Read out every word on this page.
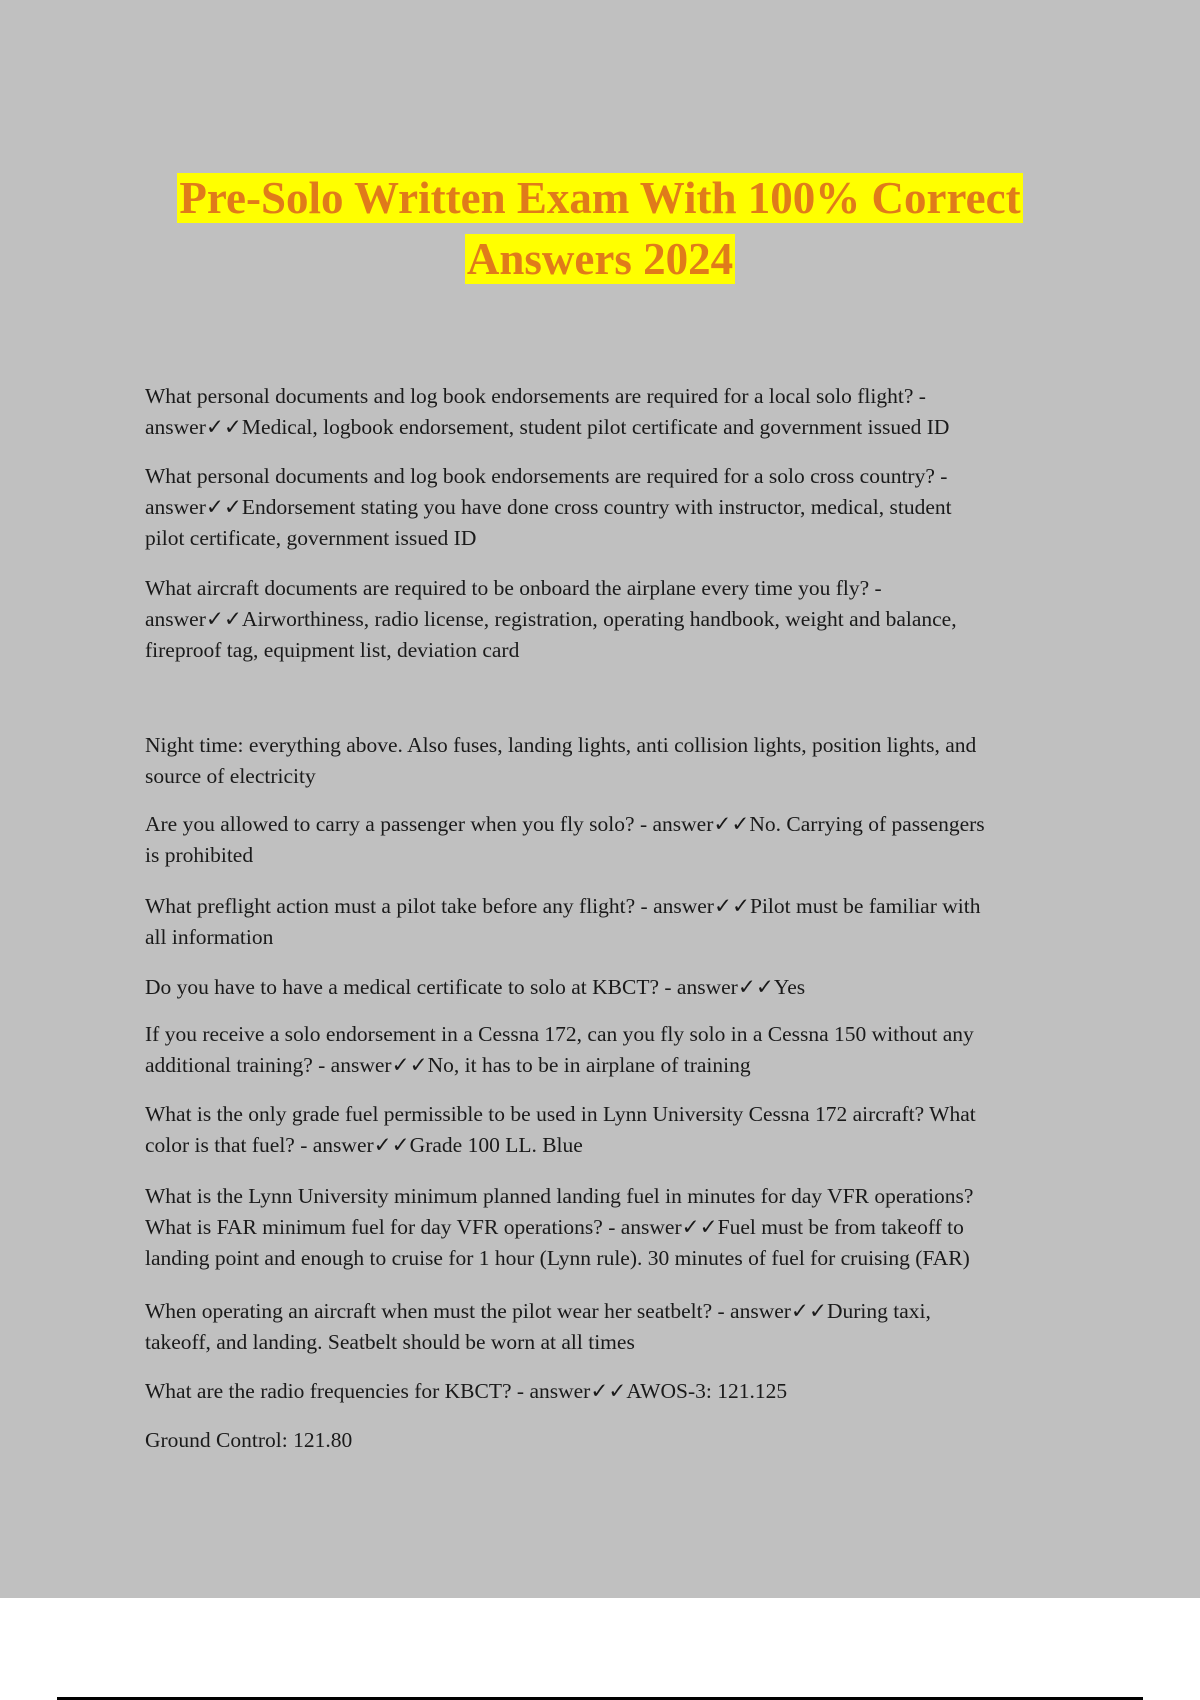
Pre-Solo Written Exam With 100% Correct
Answers 2024
What personal documents and log book endorsements are required for a local solo flight? -
answer✓✓Medical, logbook endorsement, student pilot certificate and government issued ID
What personal documents and log book endorsements are required for a solo cross country? -
answer✓✓Endorsement stating you have done cross country with instructor, medical, student
pilot certificate, government issued ID
What aircraft documents are required to be onboard the airplane every time you fly? -
answer✓✓Airworthiness, radio license, registration, operating handbook, weight and balance,
fireproof tag, equipment list, deviation card
Night time: everything above. Also fuses, landing lights, anti collision lights, position lights, and
source of electricity
Are you allowed to carry a passenger when you fly solo? - answer✓✓No. Carrying of passengers
is prohibited
What preflight action must a pilot take before any flight? - answer✓✓Pilot must be familiar with
all information
Do you have to have a medical certificate to solo at KBCT? - answer✓✓Yes
If you receive a solo endorsement in a Cessna 172, can you fly solo in a Cessna 150 without any
additional training? - answer✓✓No, it has to be in airplane of training
What is the only grade fuel permissible to be used in Lynn University Cessna 172 aircraft? What
color is that fuel? - answer✓✓Grade 100 LL. Blue
What is the Lynn University minimum planned landing fuel in minutes for day VFR operations?
What is FAR minimum fuel for day VFR operations? - answer✓✓Fuel must be from takeoff to
landing point and enough to cruise for 1 hour (Lynn rule). 30 minutes of fuel for cruising (FAR)
When operating an aircraft when must the pilot wear her seatbelt? - answer✓✓During taxi,
takeoff, and landing. Seatbelt should be worn at all times
What are the radio frequencies for KBCT? - answer✓✓AWOS-3: 121.125
Ground Control: 121.80
